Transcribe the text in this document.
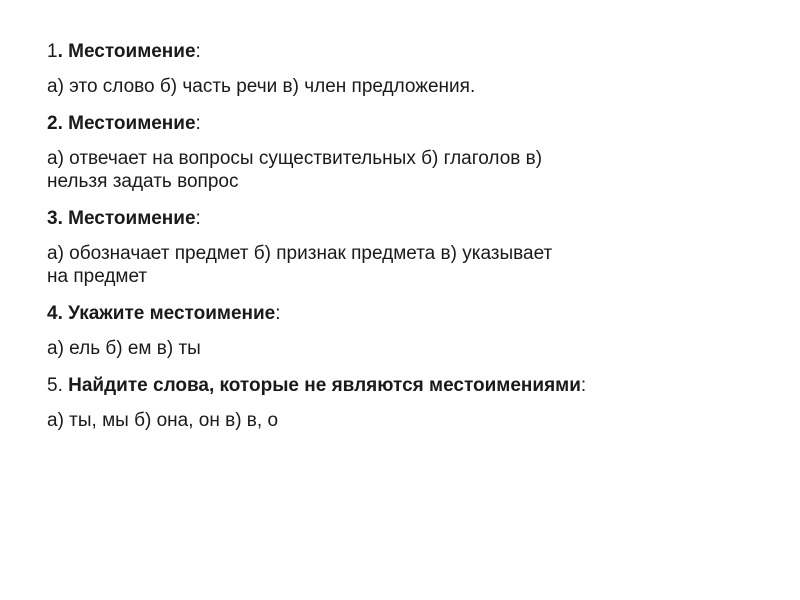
1. Местоимение:

а) это слово б) часть речи в) член предложения.

2. Местоимение:

а) отвечает на вопросы существительных б) глаголов в)
нельзя задать вопрос

3. Местоимение:

а) обозначает предмет б) признак предмета в) указывает
на предмет

4. Укажите местоимение:

а) ель б) ем в) ты

5. Найдите слова, которые не являются местоимениями:

а) ты, мы б) она, он в) в, о
